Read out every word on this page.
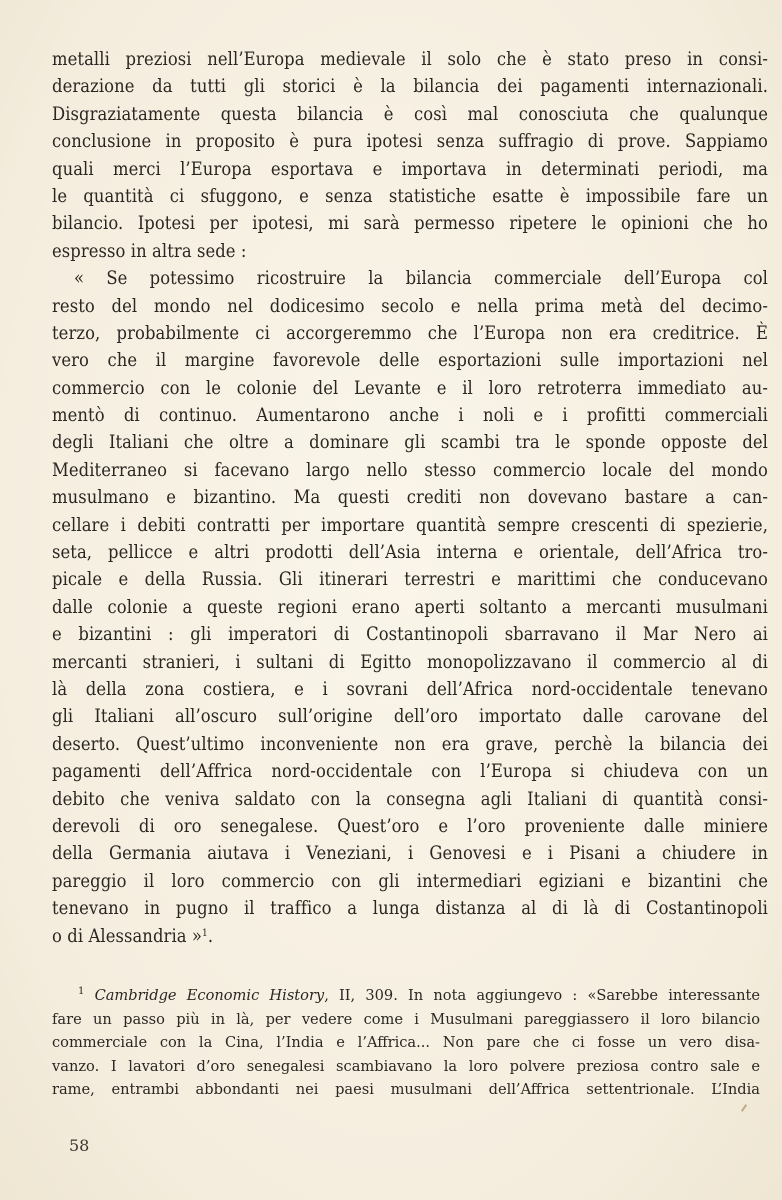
metalli preziosi nell’Europa medievale il solo che è stato preso in consi-
derazione da tutti gli storici è la bilancia dei pagamenti internazionali.
Disgraziatamente questa bilancia è così mal conosciuta che qualunque
conclusione in proposito è pura ipotesi senza suffragio di prove. Sappiamo
quali merci l’Europa esportava e importava in determinati periodi, ma
le quantità ci sfuggono, e senza statistiche esatte è impossibile fare un
bilancio. Ipotesi per ipotesi, mi sarà permesso ripetere le opinioni che ho
espresso in altra sede :
« Se potessimo ricostruire la bilancia commerciale dell’Europa col
resto del mondo nel dodicesimo secolo e nella prima metà del decimo-
terzo, probabilmente ci accorgeremmo che l’Europa non era creditrice. È
vero che il margine favorevole delle esportazioni sulle importazioni nel
commercio con le colonie del Levante e il loro retroterra immediato au-
mentò di continuo. Aumentarono anche i noli e i profitti commerciali
degli Italiani che oltre a dominare gli scambi tra le sponde opposte del
Mediterraneo si facevano largo nello stesso commercio locale del mondo
musulmano e bizantino. Ma questi crediti non dovevano bastare a can-
cellare i debiti contratti per importare quantità sempre crescenti di spezierie,
seta, pellicce e altri prodotti dell’Asia interna e orientale, dell’Africa tro-
picale e della Russia. Gli itinerari terrestri e marittimi che conducevano
dalle colonie a queste regioni erano aperti soltanto a mercanti musulmani
e bizantini : gli imperatori di Costantinopoli sbarravano il Mar Nero ai
mercanti stranieri, i sultani di Egitto monopolizzavano il commercio al di
là della zona costiera, e i sovrani dell’Africa nord-occidentale tenevano
gli Italiani all’oscuro sull’origine dell’oro importato dalle carovane del
deserto. Quest’ultimo inconveniente non era grave, perchè la bilancia dei
pagamenti dell’Affrica nord-occidentale con l’Europa si chiudeva con un
debito che veniva saldato con la consegna agli Italiani di quantità consi-
derevoli di oro senegalese. Quest’oro e l’oro proveniente dalle miniere
della Germania aiutava i Veneziani, i Genovesi e i Pisani a chiudere in
pareggio il loro commercio con gli intermediari egiziani e bizantini che
tenevano in pugno il traffico a lunga distanza al di là di Costantinopoli
o di Alessandria »$^1$.
$^1$ Cambridge Economic History, II, 309. In nota aggiungevo : «Sarebbe interessante
fare un passo più in là, per vedere come i Musulmani pareggiassero il loro bilancio
commerciale con la Cina, l’India e l’Affrica... Non pare che ci fosse un vero disa-
vanzo. I lavatori d’oro senegalesi scambiavano la loro polvere preziosa contro sale e
rame, entrambi abbondanti nei paesi musulmani dell’Affrica settentrionale. L’India
58
